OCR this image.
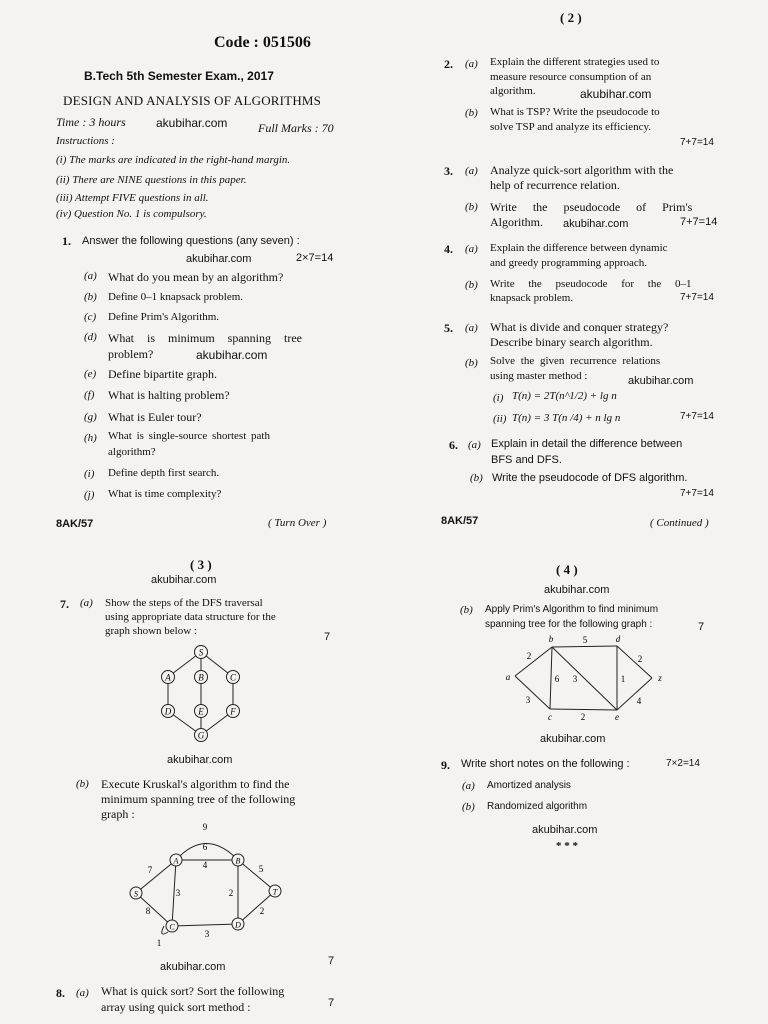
( 2 )
Code : 051506
B.Tech 5th Semester Exam., 2017
DESIGN AND ANALYSIS OF ALGORITHMS
Time : 3 hours	akubihar.com	Full Marks : 70
Instructions :
(i) The marks are indicated in the right-hand margin.
(ii) There are NINE questions in this paper.
(iii) Attempt FIVE questions in all.
(iv) Question No. 1 is compulsory.
1. Answer the following questions (any seven) :
akubihar.com	2×7=14
(a) What do you mean by an algorithm?
(b) Define 0–1 knapsack problem.
(c) Define Prim's Algorithm.
(d) What is minimum spanning tree
problem?	akubihar.com
(e) Define bipartite graph.
(f) What is halting problem?
(g) What is Euler tour?
(h) What is single-source shortest path
algorithm?
(i) Define depth first search.
(j) What is time complexity?
8AK/57	( Turn Over )
2. (a) Explain the different strategies used to
measure resource consumption of an
algorithm.	akubihar.com
(b) What is TSP? Write the pseudocode to
solve TSP and analyze its efficiency.
7+7=14
3. (a) Analyze quick-sort algorithm with the
help of recurrence relation.
(b) Write the pseudocode of Prim's
Algorithm. akubihar.com	7+7=14
4. (a) Explain the difference between dynamic
and greedy programming approach.
(b) Write the pseudocode for the 0–1
knapsack problem.	7+7=14
5. (a) What is divide and conquer strategy?
Describe binary search algorithm.
(b) Solve the given recurrence relations
using master method :	akubihar.com
(i) T(n) = 2T(n^1/2) + lg n
(ii) T(n) = 3 T(n /4) + n lg n	7+7=14
6. (a) Explain in detail the difference between
BFS and DFS.
(b) Write the pseudocode of DFS algorithm.
7+7=14
8AK/57	( Continued )
( 3 )
akubihar.com
7. (a) Show the steps of the DFS traversal
using appropriate data structure for the
graph shown below :	7
S
A	B	C
D	E	F
G
akubihar.com
(b) Execute Kruskal's algorithm to find the
minimum spanning tree of the following
graph :
A	B
S	T
C	D
9
6
4	5
7
3	2
8	2
3
1
akubihar.com	7
8. (a) What is quick sort? Sort the following
array using quick sort method :	7
( 4 )
akubihar.com
(b) Apply Prim's Algorithm to find minimum
spanning tree for the following graph :	7
a
b	d
z
c	e
5
2	2
6 3	1
3	4
2
akubihar.com
9. Write short notes on the following :	7×2=14
(a) Amortized analysis
(b) Randomized algorithm
akubihar.com
* * *
